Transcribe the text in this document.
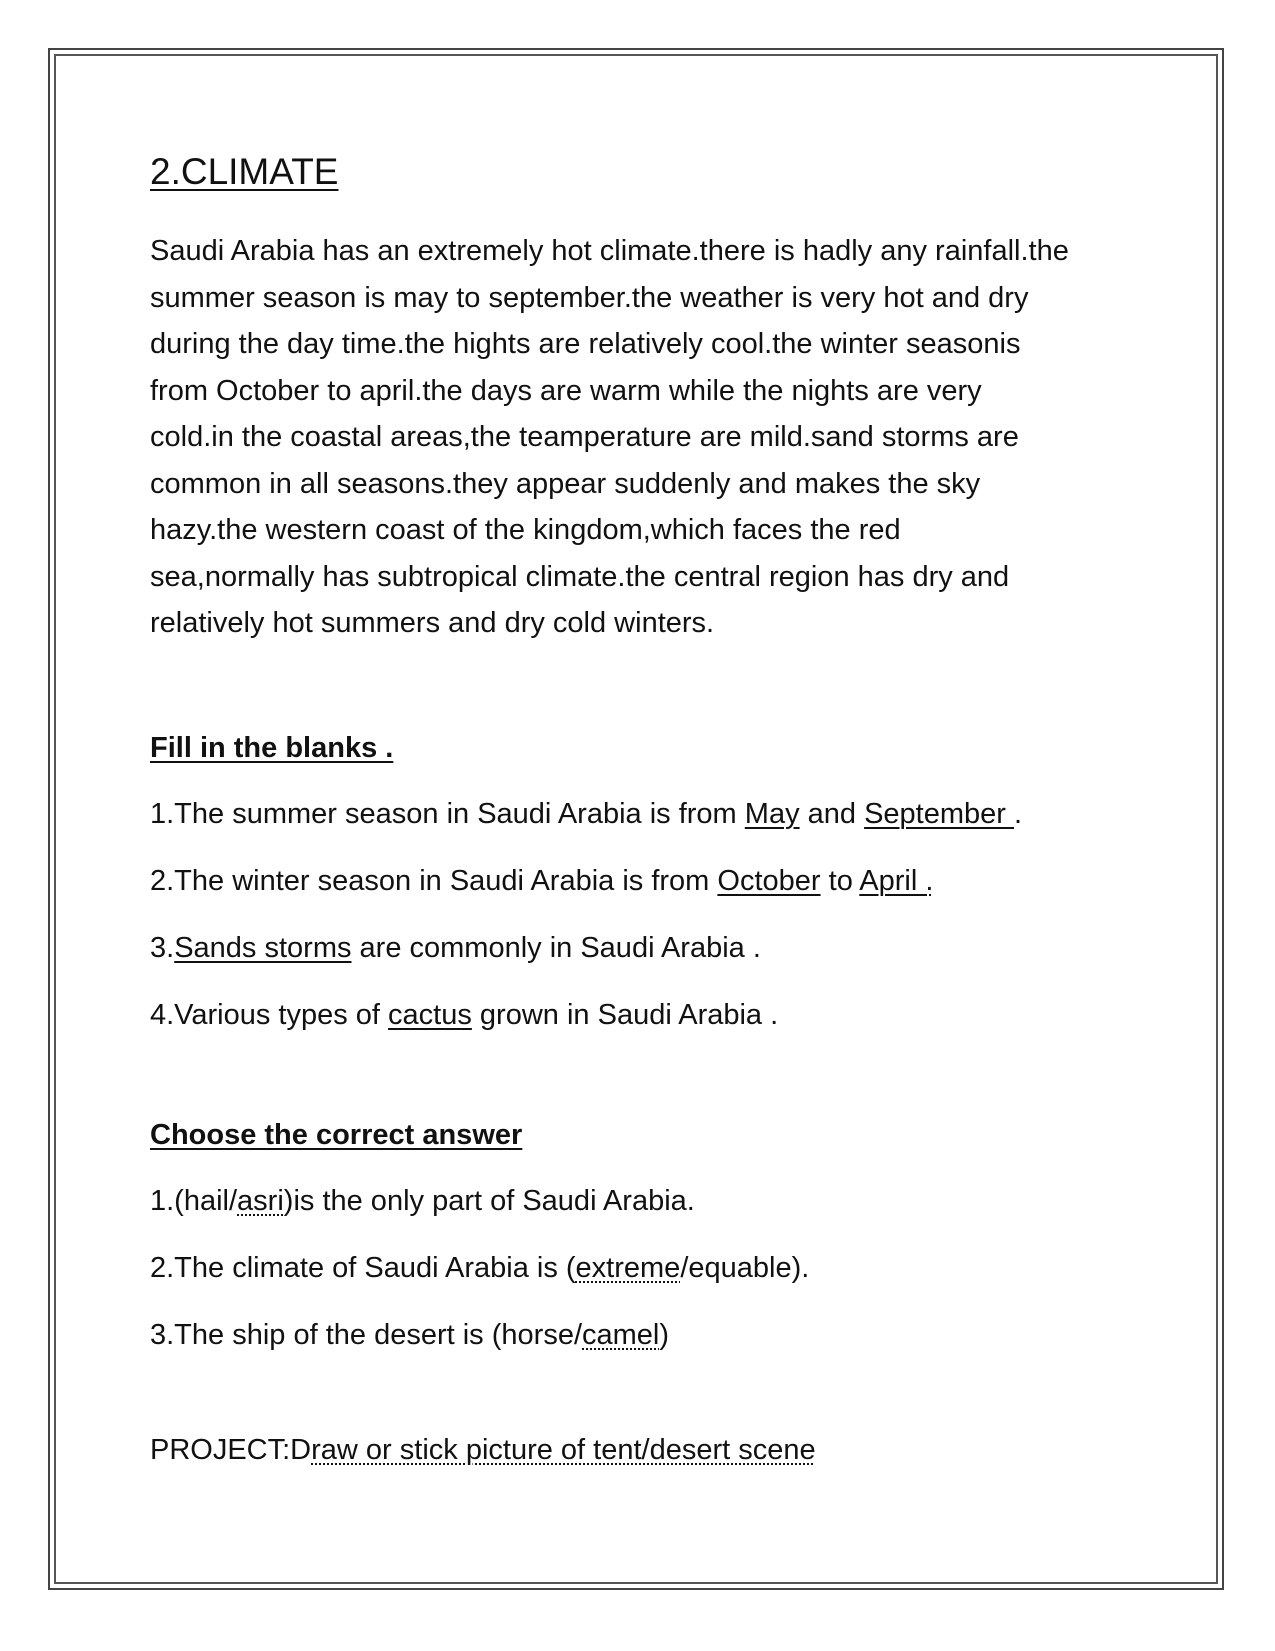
2.CLIMATE

Saudi Arabia has an extremely hot climate.there is hadly any rainfall.the

summer season is may to september.the weather is very hot and dry

during the day time.the hights are relatively cool.the winter seasonis

from October to april.the days are warm while the nights are very

cold.in the coastal areas,the teamperature are mild.sand storms are

common in all seasons.they appear suddenly and makes the sky

hazy.the western coast of the kingdom,which faces the red

sea,normally has subtropical climate.the central region has dry and

relatively hot summers and dry cold winters.

Fill in the blanks .

1.The summer season in Saudi Arabia is from May and September .

2.The winter season in Saudi Arabia is from October to April .

3.Sands storms are commonly in Saudi Arabia .

4.Various types of cactus grown in Saudi Arabia .

Choose the correct answer

1.(hail/asri)is the only part of Saudi Arabia.

2.The climate of Saudi Arabia is (extreme/equable).

3.The ship of the desert is (horse/camel)

PROJECT:Draw or stick picture of tent/desert scene
